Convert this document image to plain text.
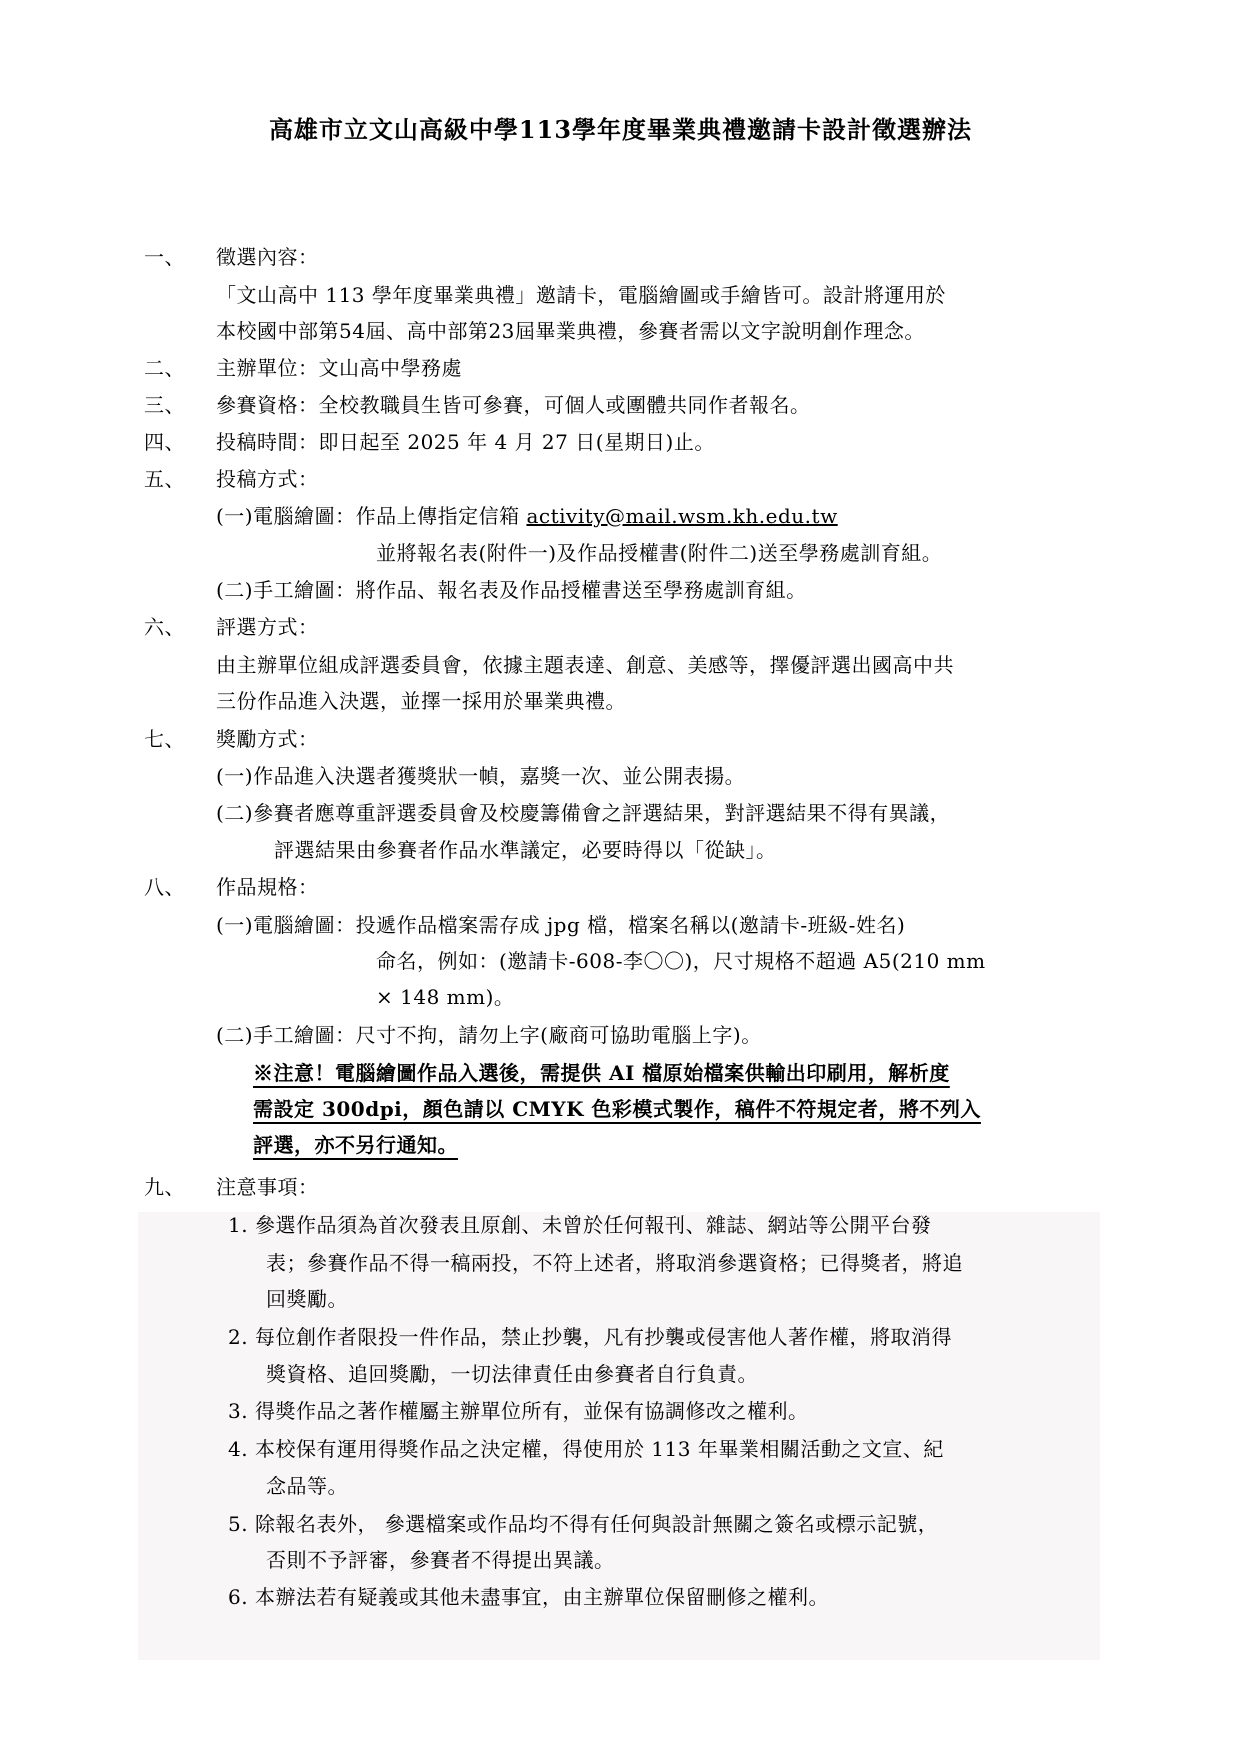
高雄市立文山高級中學113學年度畢業典禮邀請卡設計徵選辦法
一、 徵選內容：
「文山高中 113 學年度畢業典禮」邀請卡，電腦繪圖或手繪皆可。設計將運用於
本校國中部第54屆、高中部第23屆畢業典禮，參賽者需以文字說明創作理念。
二、 主辦單位：文山高中學務處
三、 參賽資格：全校教職員生皆可參賽，可個人或團體共同作者報名。
四、 投稿時間：即日起至 2025 年 4 月 27 日(星期日)止。
五、 投稿方式：
(一)電腦繪圖：作品上傳指定信箱 activity@mail.wsm.kh.edu.tw
並將報名表(附件一)及作品授權書(附件二)送至學務處訓育組。
(二)手工繪圖：將作品、報名表及作品授權書送至學務處訓育組。
六、 評選方式：
由主辦單位組成評選委員會，依據主題表達、創意、美感等，擇優評選出國高中共
三份作品進入決選，並擇一採用於畢業典禮。
七、 獎勵方式：
(一)作品進入決選者獲獎狀一幀，嘉獎一次、並公開表揚。
(二)參賽者應尊重評選委員會及校慶籌備會之評選結果，對評選結果不得有異議，
評選結果由參賽者作品水準議定，必要時得以「從缺」。
八、 作品規格：
(一)電腦繪圖：投遞作品檔案需存成 jpg 檔，檔案名稱以(邀請卡-班級-姓名)
命名，例如：(邀請卡-608-李〇〇)，尺寸規格不超過 A5(210 mm
× 148 mm)。
(二)手工繪圖：尺寸不拘，請勿上字(廠商可協助電腦上字)。
※注意！電腦繪圖作品入選後，需提供 AI 檔原始檔案供輸出印刷用，解析度
需設定 300dpi，顏色請以 CMYK 色彩模式製作，稿件不符規定者，將不列入
評選，亦不另行通知。
九、 注意事項：
1. 參選作品須為首次發表且原創、未曾於任何報刊、雜誌、網站等公開平台發
表；參賽作品不得一稿兩投，不符上述者，將取消參選資格；已得獎者，將追
回獎勵。
2. 每位創作者限投一件作品，禁止抄襲，凡有抄襲或侵害他人著作權，將取消得
獎資格、追回獎勵，一切法律責任由參賽者自行負責。
3. 得獎作品之著作權屬主辦單位所有，並保有協調修改之權利。
4. 本校保有運用得獎作品之決定權，得使用於 113 年畢業相關活動之文宣、紀
念品等。
5. 除報名表外， 參選檔案或作品均不得有任何與設計無關之簽名或標示記號，
否則不予評審，參賽者不得提出異議。
6. 本辦法若有疑義或其他未盡事宜，由主辦單位保留刪修之權利。
